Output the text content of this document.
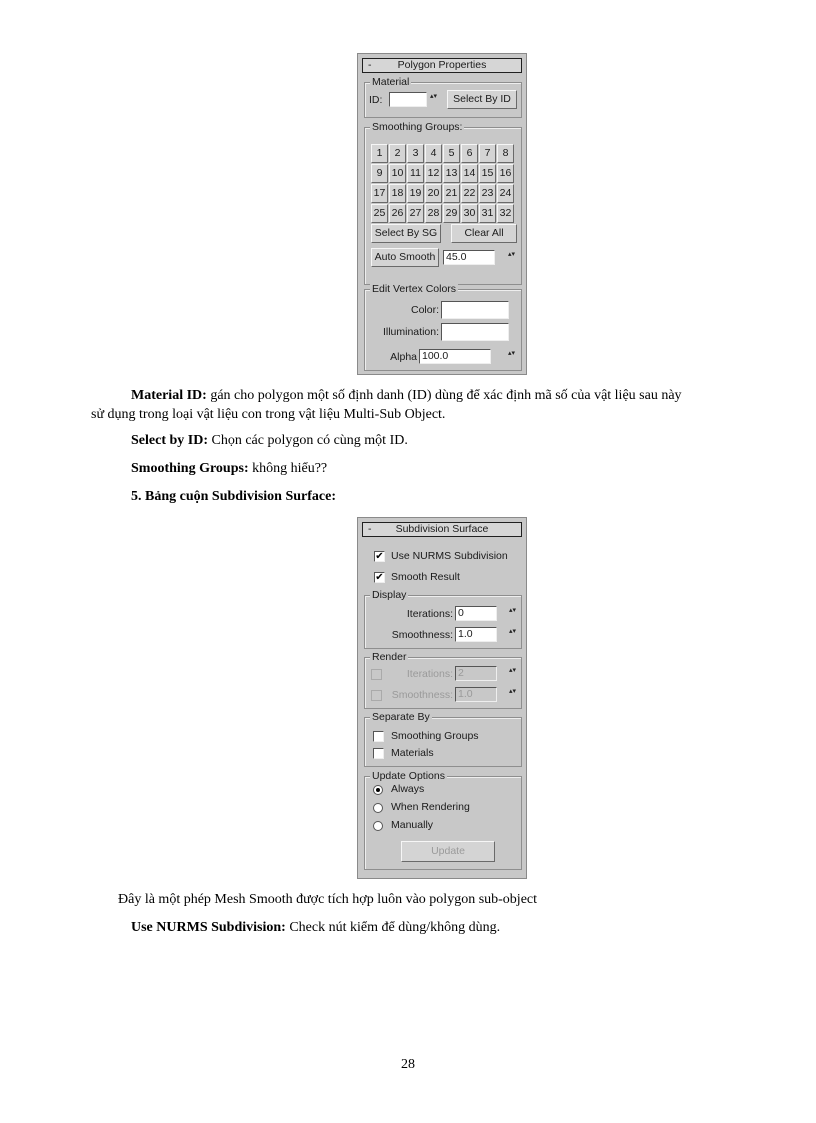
- Polygon Properties
Material
ID:	▴▾	Select By ID
Smoothing Groups:
1	2	3	4	5	6	7	8
9 10 11 12 13 14 15 16
17 18 19 20 21 22 23 24
25 26 27 28 29 30 31 32
Select By SG	Clear All
Auto Smooth	45.0	▴▾
Edit Vertex Colors
Color:
Illumination:
Alpha 100.0	▴▾
Material ID: gán cho polygon một số định danh (ID) dùng để xác định mã số của vật liệu sau này
sử dụng trong loại vật liệu con trong vật liệu Multi-Sub Object.
Select by ID: Chọn các polygon có cùng một ID.
Smoothing Groups: không hiểu??
5. Bảng cuộn Subdivision Surface:
- Subdivision Surface
✔ Use NURMS Subdivision
✔ Smooth Result
Display
Iterations: 0	▴▾
Smoothness: 1.0	▴▾
Render
Iterations: 2	▴▾
Smoothness: 1.0	▴▾
Separate By
Smoothing Groups
Materials
Update Options
Always
When Rendering
Manually
Update
Đây là một phép Mesh Smooth được tích hợp luôn vào polygon sub-object
Use NURMS Subdivision: Check nút kiểm để dùng/không dùng.
28
